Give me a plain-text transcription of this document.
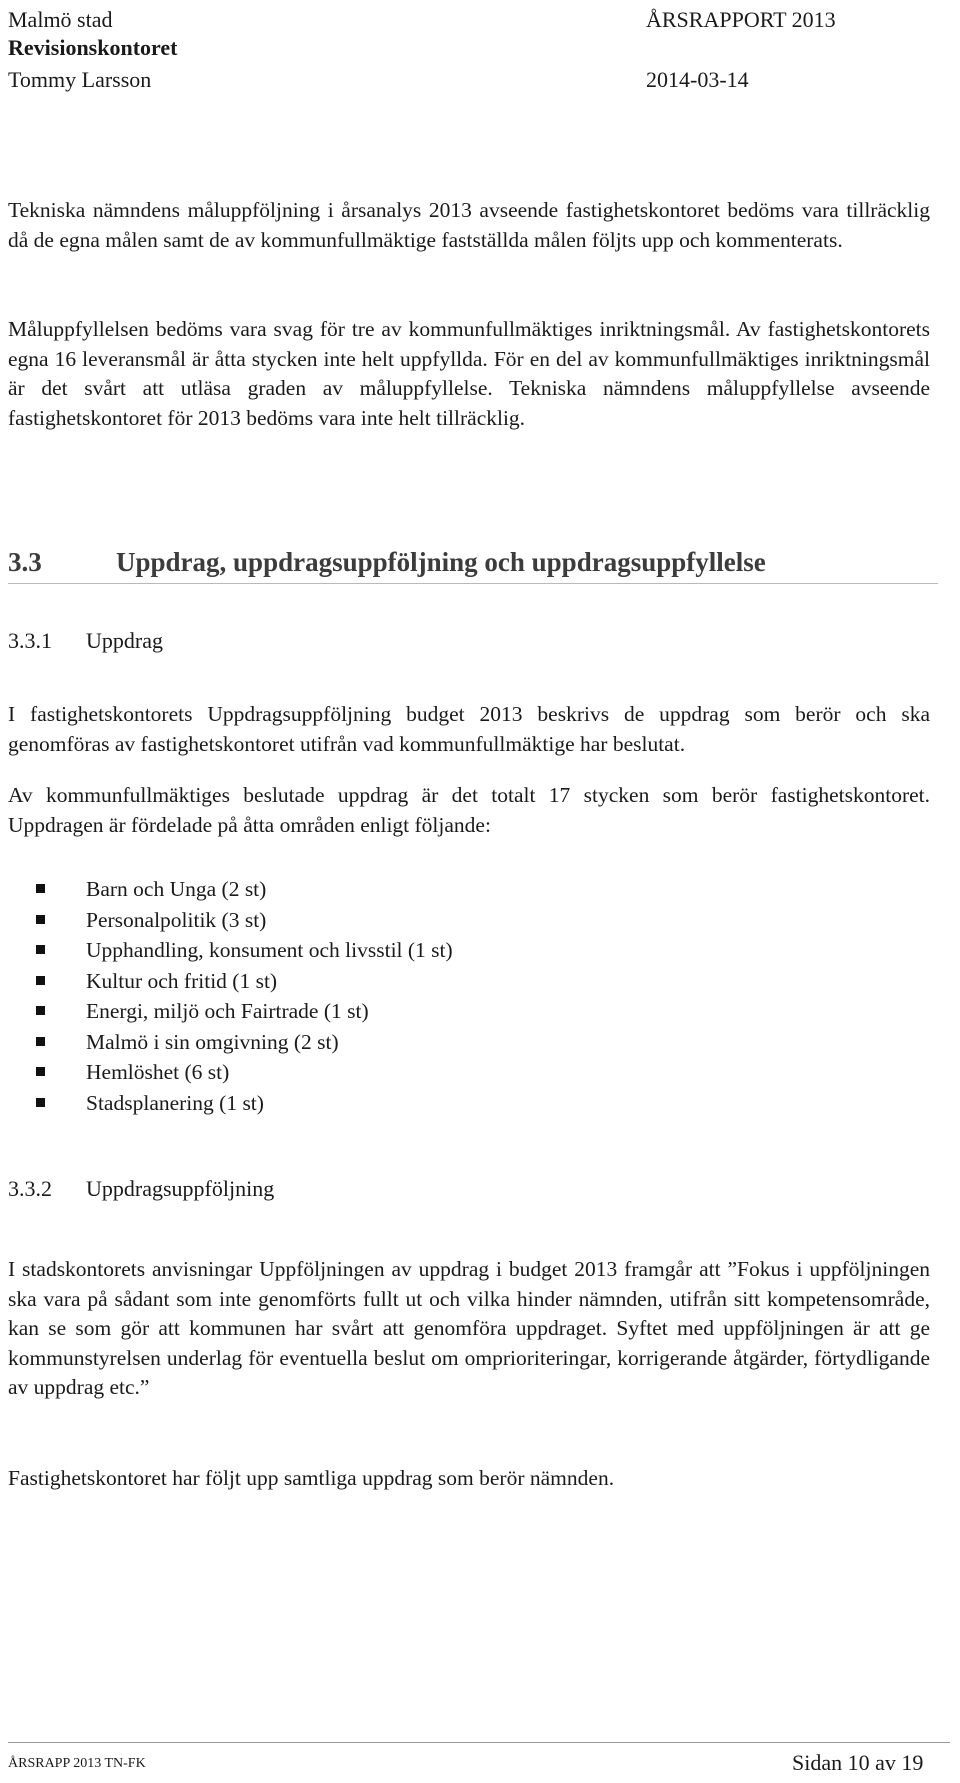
Malmö stad	ÅRSRAPPORT 2013
Revisionskontoret
Tommy Larsson	2014-03-14

Tekniska nämndens måluppföljning i årsanalys 2013 avseende fastighetskontoret bedöms vara tillräcklig då de egna målen samt de av kommunfullmäktige fastställda målen följts upp och kommenterats.

Måluppfyllelsen bedöms vara svag för tre av kommunfullmäktiges inriktningsmål. Av fastighetskontorets egna 16 leveransmål är åtta stycken inte helt uppfyllda. För en del av kommunfullmäktiges inriktningsmål är det svårt att utläsa graden av måluppfyllelse. Tekniska nämndens måluppfyllelse avseende fastighetskontoret för 2013 bedöms vara inte helt tillräcklig.

3.3	Uppdrag, uppdragsuppföljning och uppdragsuppfyllelse
3.3.1 Uppdrag

I fastighetskontorets Uppdragsuppföljning budget 2013 beskrivs de uppdrag som berör och ska genomföras av fastighetskontoret utifrån vad kommunfullmäktige har beslutat.

Av kommunfullmäktiges beslutade uppdrag är det totalt 17 stycken som berör fastighetskontoret. Uppdragen är fördelade på åtta områden enligt följande:

Barn och Unga (2 st)
Personalpolitik (3 st)
Upphandling, konsument och livsstil (1 st)
Kultur och fritid (1 st)
Energi, miljö och Fairtrade (1 st)
Malmö i sin omgivning (2 st)
Hemlöshet (6 st)
Stadsplanering (1 st)
3.3.2 Uppdragsuppföljning

I stadskontorets anvisningar Uppföljningen av uppdrag i budget 2013 framgår att ”Fokus i uppföljningen ska vara på sådant som inte genomförts fullt ut och vilka hinder nämnden, utifrån sitt kompetensområde, kan se som gör att kommunen har svårt att genomföra uppdraget. Syftet med uppföljningen är att ge kommunstyrelsen underlag för eventuella beslut om omprioriteringar, korrigerande åtgärder, förtydligande av uppdrag etc.”

Fastighetskontoret har följt upp samtliga uppdrag som berör nämnden.

ÅRSRAPP 2013 TN-FK	Sidan 10 av 19
